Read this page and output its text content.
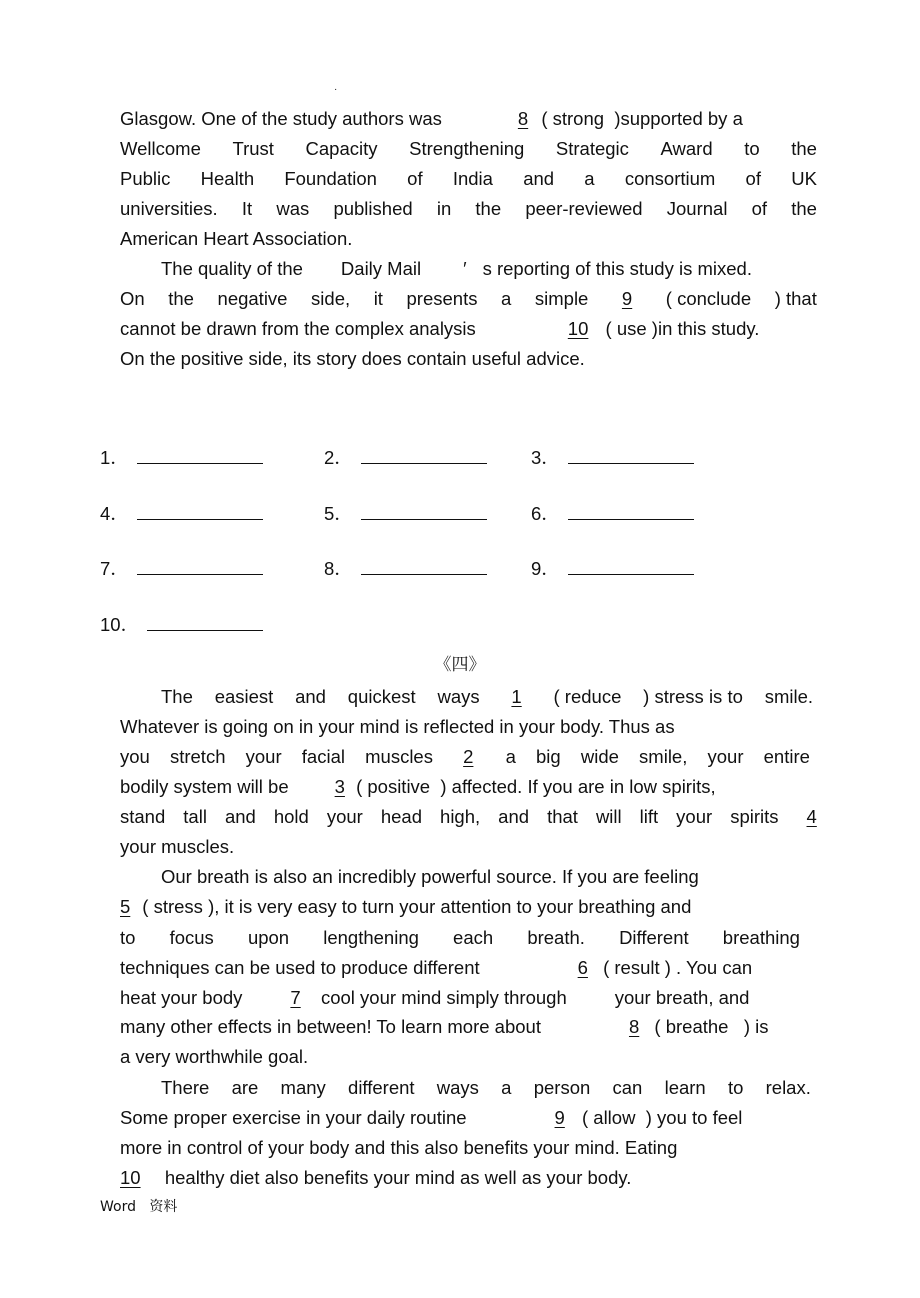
·
Glasgow. One of the study authors was	8 ( strong )supported by a
Wellcome Trust Capacity Strengthening Strategic Award to the
Public Health Foundation of India and a consortium of UK
universities. It was published in the peer-reviewed Journal of the
American Heart Association.
The quality of the Daily Mail ′ s reporting of this study is mixed.
On the negative side, it presents a simple	9	( conclude ) that
cannot be drawn from the complex analysis	10 ( use )in this study.
On the positive side, its story does contain useful advice.
1．	2．	3．
4．	5．	6．
7．	8．	9．
10．
《四》
The easiest and quickest ways	1	( reduce ) stress is to smile.
Whatever is going on in your mind is reflected in your body. Thus as
you stretch your facial muscles	2	a big wide smile, your entire
bodily system will be 3 ( positive ) affected. If you are in low spirits,
stand tall and hold your head high, and that will lift your spirits	4
your muscles.
Our breath is also an incredibly powerful source. If you are feeling
5 ( stress ), it is very easy to turn your attention to your breathing and
to focus upon lengthening each breath. Different breathing
techniques can be used to produce different	6 ( result ) . You can
heat your body	7 cool your mind simply through	your breath, and
many other effects in between! To learn more about	8 ( breathe ) is
a very worthwhile goal.
There are many different ways a person can learn to relax.
Some proper exercise in your daily routine	9 ( allow ) you to feel
more in control of your body and this also benefits your mind. Eating
10 healthy diet also benefits your mind as well as your body.
Word   资料
